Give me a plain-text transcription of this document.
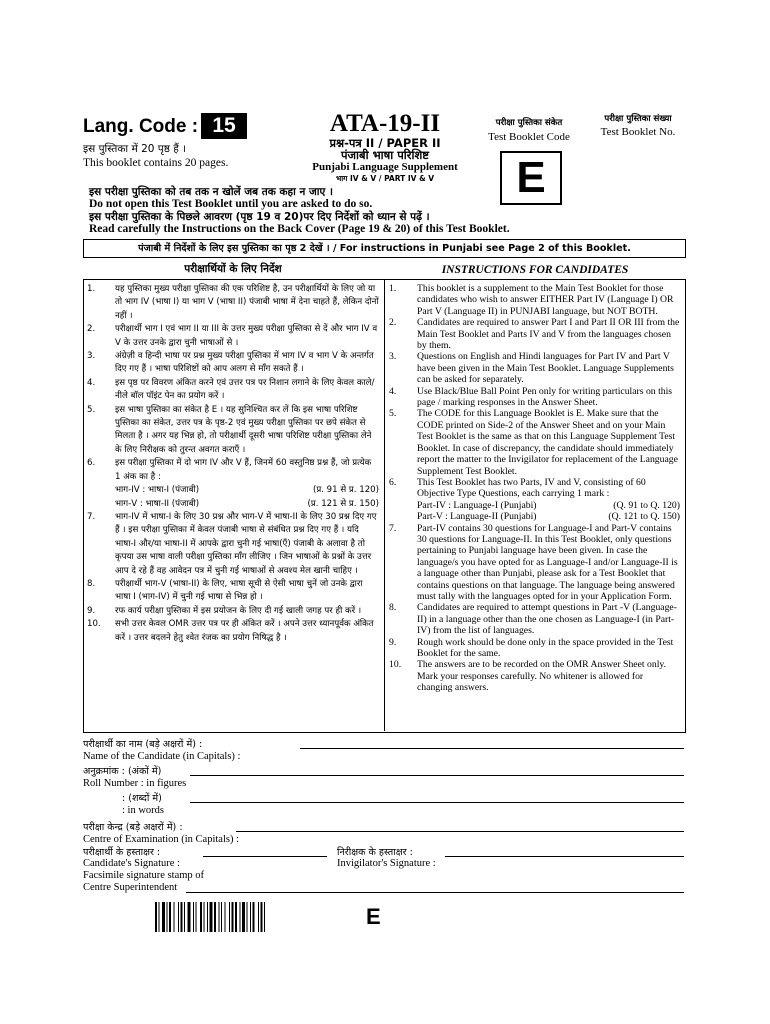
Lang. Code : 15
इस पुस्तिका में 20 पृष्ठ हैं ।
This booklet contains 20 pages.
ATA-19-II
प्रश्न-पत्र II / PAPER II
पंजाबी भाषा परिशिष्ट
Punjabi Language Supplement
भाग IV & V / PART IV & V
परीक्षा पुस्तिका संकेत
Test Booklet Code
E
परीक्षा पुस्तिका संख्या
Test Booklet No.
इस परीक्षा पुस्तिका को तब तक न खोलें जब तक कहा न जाए ।
Do not open this Test Booklet until you are asked to do so.
इस परीक्षा पुस्तिका के पिछले आवरण (पृष्ठ 19 व 20)पर दिए निर्देशों को ध्यान से पढ़ें ।
Read carefully the Instructions on the Back Cover (Page 19 & 20) of this Test Booklet.
पंजाबी में निर्देशों के लिए इस पुस्तिका का पृष्ठ 2 देखें । / For instructions in Punjabi see Page 2 of this Booklet.
परीक्षार्थियों के लिए निर्देश	INSTRUCTIONS FOR CANDIDATES
1. यह पुस्तिका मुख्य परीक्षा पुस्तिका की एक परिशिष्ट है, उन परीक्षार्थियों के लिए जो या तो भाग IV (भाषा I) या भाग V (भाषा II) पंजाबी भाषा में देना चाहते हैं, लेकिन दोनों नहीं ।
2. परीक्षार्थी भाग I एवं भाग II या III के उत्तर मुख्य परीक्षा पुस्तिका से दें और भाग IV व V के उत्तर उनके द्वारा चुनी भाषाओं से ।
3. अंग्रेज़ी व हिन्दी भाषा पर प्रश्न मुख्य परीक्षा पुस्तिका में भाग IV व भाग V के अन्तर्गत दिए गए हैं । भाषा परिशिष्टों को आप अलग से माँग सकते हैं ।
4. इस पृष्ठ पर विवरण अंकित करने एवं उत्तर पत्र पर निशान लगाने के लिए केवल काले/नीले बॉल पॉइंट पेन का प्रयोग करें ।
5. इस भाषा पुस्तिका का संकेत है E । यह सुनिश्चित कर लें कि इस भाषा परिशिष्ट पुस्तिका का संकेत, उत्तर पत्र के पृष्ठ-2 एवं मुख्य परीक्षा पुस्तिका पर छपे संकेत से मिलता है । अगर यह भिन्न हो, तो परीक्षार्थी दूसरी भाषा परिशिष्ट परीक्षा पुस्तिका लेने के लिए निरीक्षक को तुरन्त अवगत कराएँ ।
6. इस परीक्षा पुस्तिका में दो भाग IV और V हैं, जिनमें 60 वस्तुनिष्ठ प्रश्न हैं, जो प्रत्येक 1 अंक का है :
भाग-IV : भाषा-I (पंजाबी)	(प्र. 91 से प्र. 120)
भाग-V : भाषा-II (पंजाबी)	(प्र. 121 से प्र. 150)
7. भाग-IV में भाषा-I के लिए 30 प्रश्न और भाग-V में भाषा-II के लिए 30 प्रश्न दिए गए हैं । इस परीक्षा पुस्तिका में केवल पंजाबी भाषा से संबंधित प्रश्न दिए गए हैं । यदि भाषा-I और/या भाषा-II में आपके द्वारा चुनी गई भाषा(एँ) पंजाबी के अलावा है तो कृपया उस भाषा वाली परीक्षा पुस्तिका माँग लीजिए । जिन भाषाओं के प्रश्नों के उत्तर आप दे रहे हैं वह आवेदन पत्र में चुनी गई भाषाओं से अवश्य मेल खानी चाहिए ।
8. परीक्षार्थी भाग-V (भाषा-II) के लिए, भाषा सूची से ऐसी भाषा चुनें जो उनके द्वारा भाषा I (भाग-IV) में चुनी गई भाषा से भिन्न हो ।
9. रफ कार्य परीक्षा पुस्तिका में इस प्रयोजन के लिए दी गई खाली जगह पर ही करें ।
10. सभी उत्तर केवल OMR उत्तर पत्र पर ही अंकित करें । अपने उत्तर ध्यानपूर्वक अंकित करें । उत्तर बदलने हेतु श्वेत रंजक का प्रयोग निषिद्ध है ।
1. This booklet is a supplement to the Main Test Booklet for those candidates who wish to answer EITHER Part IV (Language I) OR Part V (Language II) in PUNJABI language, but NOT BOTH.
2. Candidates are required to answer Part I and Part II OR III from the Main Test Booklet and Parts IV and V from the languages chosen by them.
3. Questions on English and Hindi languages for Part IV and Part V have been given in the Main Test Booklet. Language Supplements can be asked for separately.
4. Use Black/Blue Ball Point Pen only for writing particulars on this page / marking responses in the Answer Sheet.
5. The CODE for this Language Booklet is E. Make sure that the CODE printed on Side-2 of the Answer Sheet and on your Main Test Booklet is the same as that on this Language Supplement Test Booklet. In case of discrepancy, the candidate should immediately report the matter to the Invigilator for replacement of the Language Supplement Test Booklet.
6. This Test Booklet has two Parts, IV and V, consisting of 60 Objective Type Questions, each carrying 1 mark :
Part-IV : Language-I (Punjabi)	(Q. 91 to Q. 120)
Part-V : Language-II (Punjabi)	(Q. 121 to Q. 150)
7. Part-IV contains 30 questions for Language-I and Part-V contains 30 questions for Language-II. In this Test Booklet, only questions pertaining to Punjabi language have been given. In case the language/s you have opted for as Language-I and/or Language-II is a language other than Punjabi, please ask for a Test Booklet that contains questions on that language. The language being answered must tally with the languages opted for in your Application Form.
8. Candidates are required to attempt questions in Part -V (Language-II) in a language other than the one chosen as Language-I (in Part-IV) from the list of languages.
9. Rough work should be done only in the space provided in the Test Booklet for the same.
10. The answers are to be recorded on the OMR Answer Sheet only. Mark your responses carefully. No whitener is allowed for changing answers.
परीक्षार्थी का नाम (बड़े अक्षरों में) :
Name of the Candidate (in Capitals) :
अनुक्रमांक : (अंकों में)
Roll Number : in figures
: (शब्दों में)
: in words
परीक्षा केन्द्र (बड़े अक्षरों में) :
Centre of Examination (in Capitals) :
परीक्षार्थी के हस्ताक्षर :
Candidate's Signature :
निरीक्षक के हस्ताक्षर :
Invigilator's Signature :
Facsimile signature stamp of
Centre Superintendent
E
